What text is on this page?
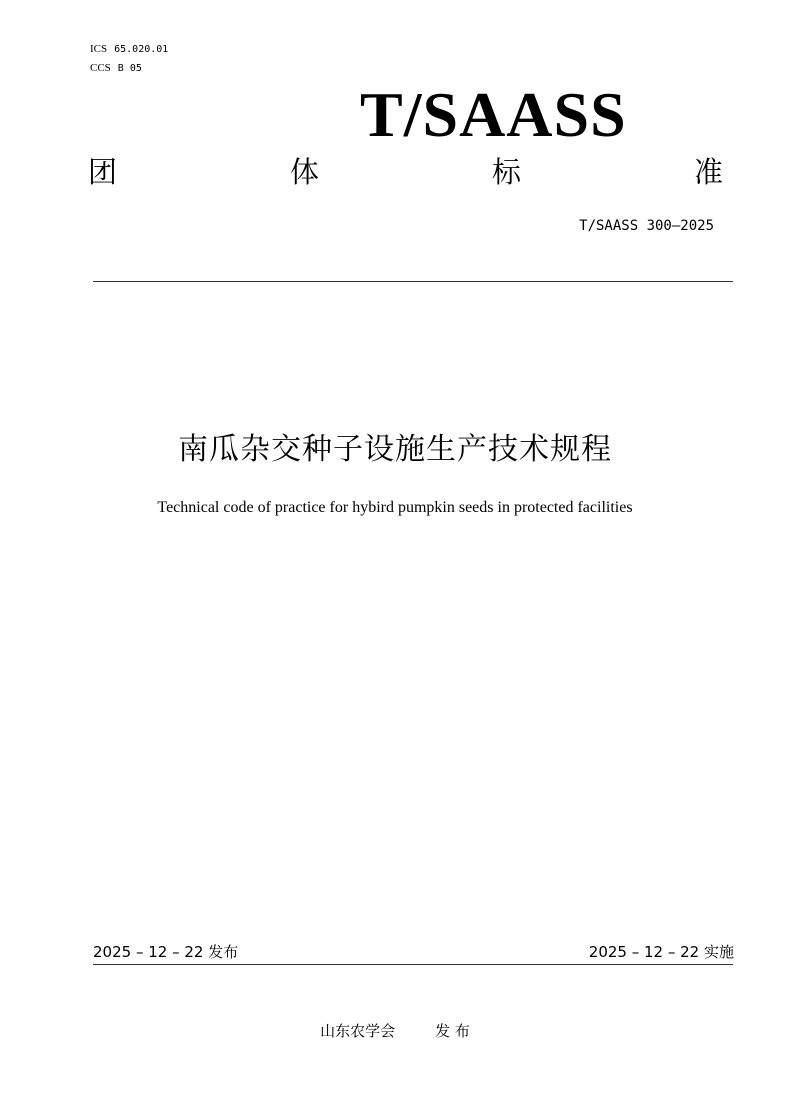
ICS 65.020.01
CCS B 05
T/SAASS
团	体	标	准
T/SAASS 300—2025
南瓜杂交种子设施生产技术规程
Technical code of practice for hybird pumpkin seeds in protected facilities
2025 – 12 – 22 发布	2025 – 12 – 22 实施
山东农学会	发 布
